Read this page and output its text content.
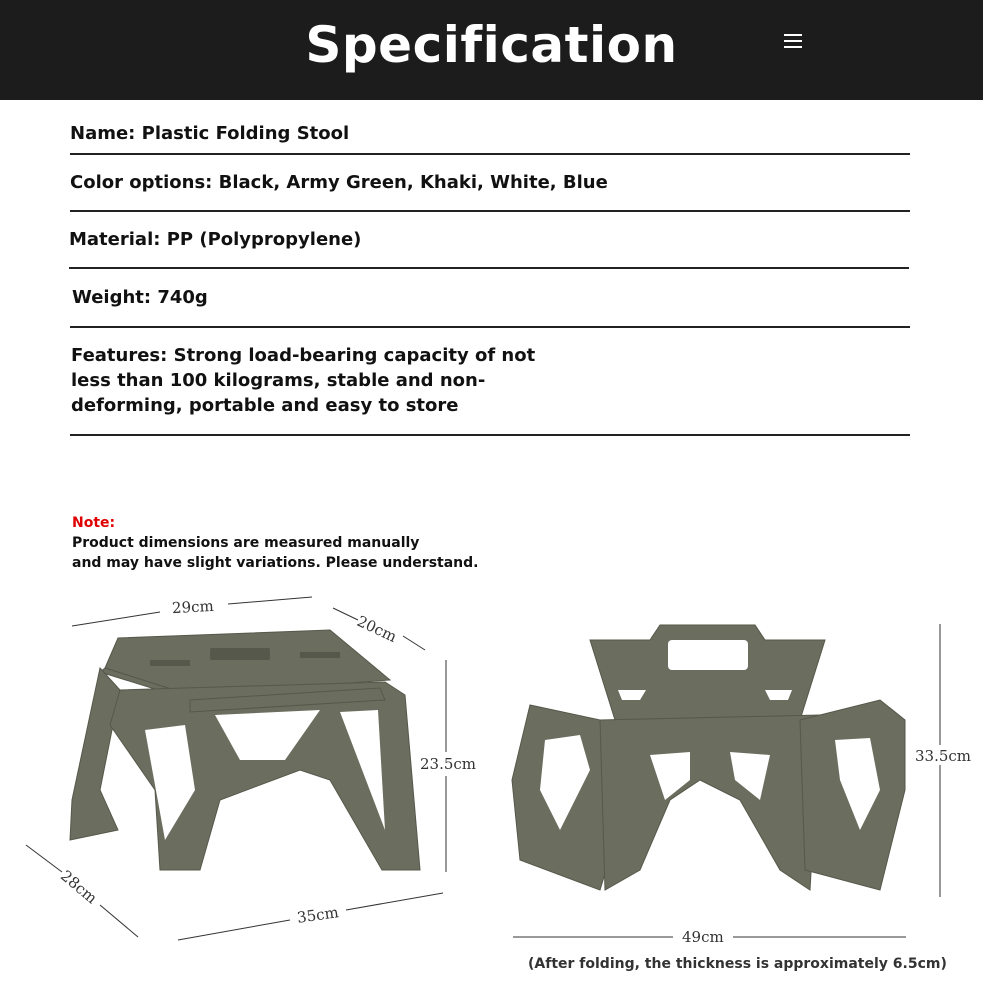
Specification
Name: Plastic Folding Stool
Color options: Black, Army Green, Khaki, White, Blue
Material: PP (Polypropylene)
Weight: 740g
Features: Strong load-bearing capacity of not less than 100 kilograms, stable and non-deforming, portable and easy to store
Note:
Product dimensions are measured manually
and may have slight variations. Please understand.
29cm
20cm
23.5cm
28cm
35cm
33.5cm
49cm
(After folding, the thickness is approximately 6.5cm)
